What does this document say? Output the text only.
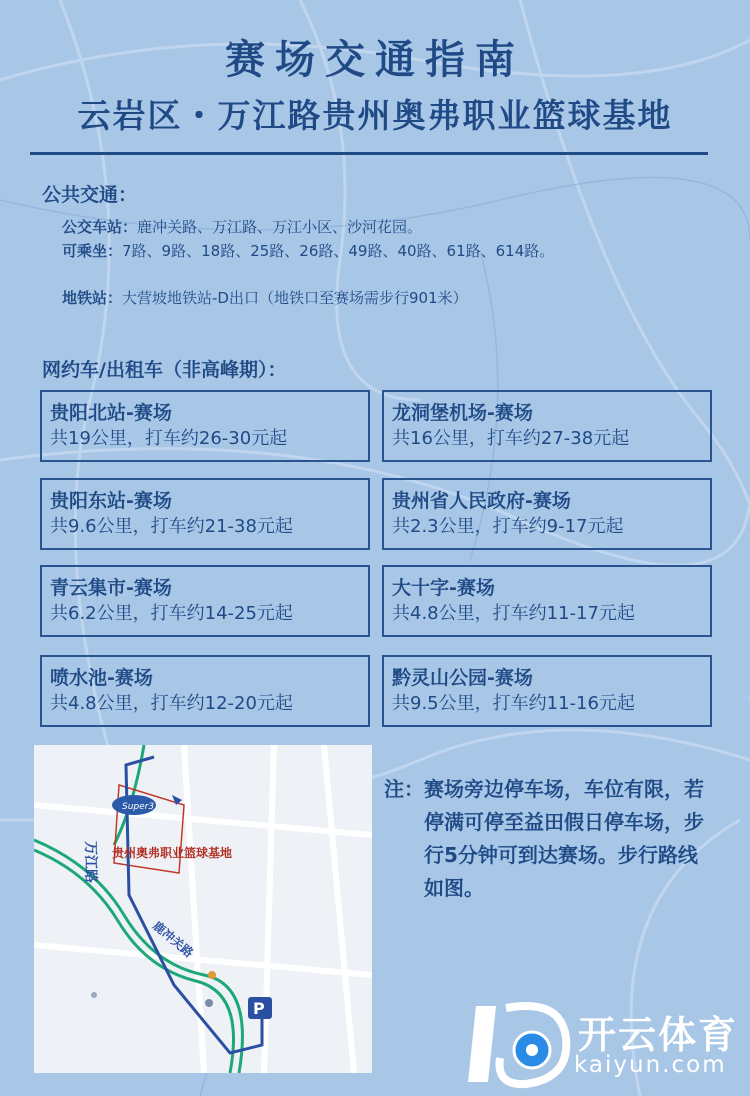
赛场交通指南
云岩区・万江路贵州奥弗职业篮球基地
公共交通：
公交车站：鹿冲关路、万江路、万江小区、沙河花园。
可乘坐：7路、9路、18路、25路、26路、49路、40路、61路、614路。
地铁站：大营坡地铁站-D出口（地铁口至赛场需步行901米）
网约车/出租车（非高峰期）：
贵阳北站-赛场
共19公里，打车约26-30元起
龙洞堡机场-赛场
共16公里，打车约27-38元起
贵阳东站-赛场
共9.6公里，打车约21-38元起
贵州省人民政府-赛场
共2.3公里，打车约9-17元起
青云集市-赛场
共6.2公里，打车约14-25元起
大十字-赛场
共4.8公里，打车约11-17元起
喷水池-赛场
共4.8公里，打车约12-20元起
黔灵山公园-赛场
共9.5公里，打车约11-16元起
Super3
万江路 贵州奥弗职业篮球基地
鹿冲关路
P
注： 赛场旁边停车场，车位有限，若停满可停至益田假日停车场，步行5分钟可到达赛场。步行路线如图。
开云体育
kaiyun.com
